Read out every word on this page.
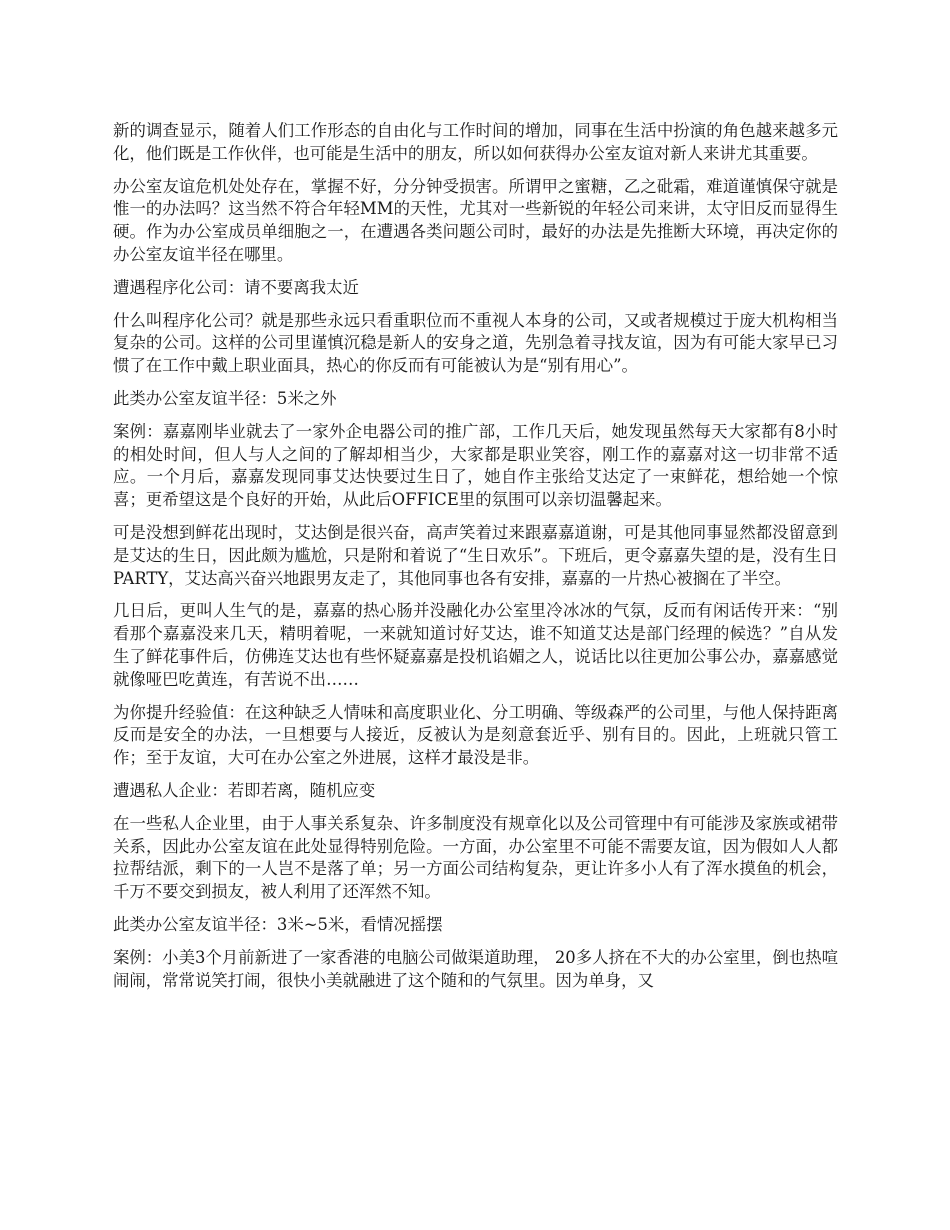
新的调查显示，随着人们工作形态的自由化与工作时间的增加，同事在生活中扮演的角色越来越多元化，他们既是工作伙伴，也可能是生活中的朋友，所以如何获得办公室友谊对新人来讲尤其重要。

办公室友谊危机处处存在，掌握不好，分分钟受损害。所谓甲之蜜糖，乙之砒霜，难道谨慎保守就是惟一的办法吗？这当然不符合年轻MM的天性，尤其对一些新锐的年轻公司来讲，太守旧反而显得生硬。作为办公室成员单细胞之一，在遭遇各类问题公司时，最好的办法是先推断大环境，再决定你的办公室友谊半径在哪里。

遭遇程序化公司：请不要离我太近

什么叫程序化公司？就是那些永远只看重职位而不重视人本身的公司，又或者规模过于庞大机构相当复杂的公司。这样的公司里谨慎沉稳是新人的安身之道，先别急着寻找友谊，因为有可能大家早已习惯了在工作中戴上职业面具，热心的你反而有可能被认为是“别有用心”。

此类办公室友谊半径：5米之外

案例：嘉嘉刚毕业就去了一家外企电器公司的推广部，工作几天后，她发现虽然每天大家都有8小时的相处时间，但人与人之间的了解却相当少，大家都是职业笑容，刚工作的嘉嘉对这一切非常不适应。一个月后，嘉嘉发现同事艾达快要过生日了，她自作主张给艾达定了一束鲜花，想给她一个惊喜；更希望这是个良好的开始，从此后OFFICE里的氛围可以亲切温馨起来。

可是没想到鲜花出现时，艾达倒是很兴奋，高声笑着过来跟嘉嘉道谢，可是其他同事显然都没留意到是艾达的生日，因此颇为尴尬，只是附和着说了“生日欢乐”。下班后，更令嘉嘉失望的是，没有生日PARTY，艾达高兴奋兴地跟男友走了，其他同事也各有安排，嘉嘉的一片热心被搁在了半空。

几日后，更叫人生气的是，嘉嘉的热心肠并没融化办公室里冷冰冰的气氛，反而有闲话传开来：“别看那个嘉嘉没来几天，精明着呢，一来就知道讨好艾达，谁不知道艾达是部门经理的候选？”自从发生了鲜花事件后，仿佛连艾达也有些怀疑嘉嘉是投机谄媚之人，说话比以往更加公事公办，嘉嘉感觉就像哑巴吃黄连，有苦说不出……

为你提升经验值：在这种缺乏人情味和高度职业化、分工明确、等级森严的公司里，与他人保持距离反而是安全的办法，一旦想要与人接近，反被认为是刻意套近乎、别有目的。因此，上班就只管工作；至于友谊，大可在办公室之外进展，这样才最没是非。

遭遇私人企业：若即若离，随机应变

在一些私人企业里，由于人事关系复杂、许多制度没有规章化以及公司管理中有可能涉及家族或裙带关系，因此办公室友谊在此处显得特别危险。一方面，办公室里不可能不需要友谊，因为假如人人都拉帮结派，剩下的一人岂不是落了单；另一方面公司结构复杂，更让许多小人有了浑水摸鱼的机会，千万不要交到损友，被人利用了还浑然不知。

此类办公室友谊半径：3米~5米，看情况摇摆

案例：小美3个月前新进了一家香港的电脑公司做渠道助理， 20多人挤在不大的办公室里，倒也热喧闹闹，常常说笑打闹，很快小美就融进了这个随和的气氛里。因为单身，又
